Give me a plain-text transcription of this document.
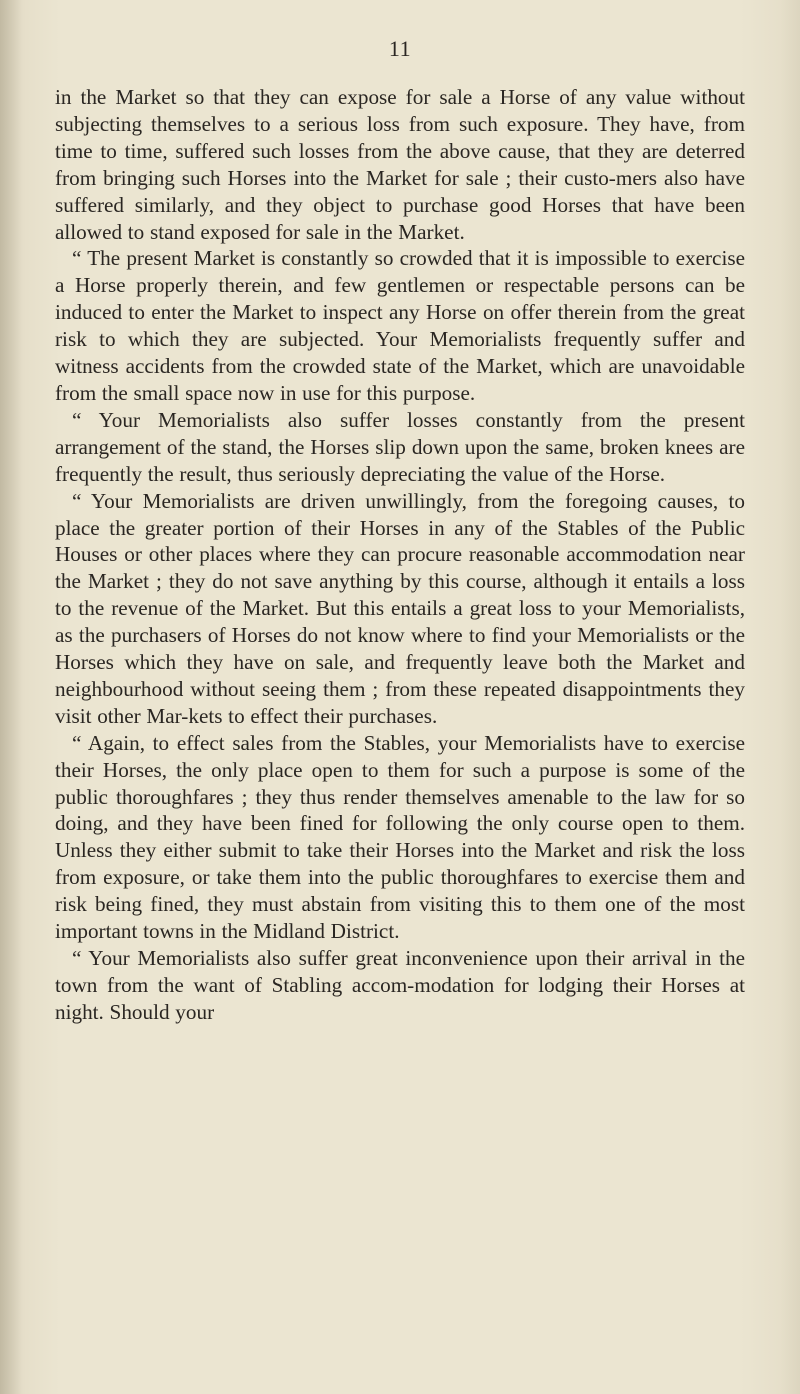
11

in the Market so that they can expose for sale a Horse of any value without subjecting themselves to a serious loss from such exposure. They have, from time to time, suffered such losses from the above cause, that they are deterred from bringing such Horses into the Market for sale ; their custo-mers also have suffered similarly, and they object to purchase good Horses that have been allowed to stand exposed for sale in the Market.

“ The present Market is constantly so crowded that it is impossible to exercise a Horse properly therein, and few gentlemen or respectable persons can be induced to enter the Market to inspect any Horse on offer therein from the great risk to which they are subjected. Your Memorialists frequently suffer and witness accidents from the crowded state of the Market, which are unavoidable from the small space now in use for this purpose.

“ Your Memorialists also suffer losses constantly from the present arrangement of the stand, the Horses slip down upon the same, broken knees are frequently the result, thus seriously depreciating the value of the Horse.

“ Your Memorialists are driven unwillingly, from the foregoing causes, to place the greater portion of their Horses in any of the Stables of the Public Houses or other places where they can procure reasonable accommodation near the Market ; they do not save anything by this course, although it entails a loss to the revenue of the Market. But this entails a great loss to your Memorialists, as the purchasers of Horses do not know where to find your Memorialists or the Horses which they have on sale, and frequently leave both the Market and neighbourhood without seeing them ; from these repeated disappointments they visit other Mar-kets to effect their purchases.

“ Again, to effect sales from the Stables, your Memorialists have to exercise their Horses, the only place open to them for such a purpose is some of the public thoroughfares ; they thus render themselves amenable to the law for so doing, and they have been fined for following the only course open to them. Unless they either submit to take their Horses into the Market and risk the loss from exposure, or take them into the public thoroughfares to exercise them and risk being fined, they must abstain from visiting this to them one of the most important towns in the Midland District.

“ Your Memorialists also suffer great inconvenience upon their arrival in the town from the want of Stabling accom-modation for lodging their Horses at night. Should your
